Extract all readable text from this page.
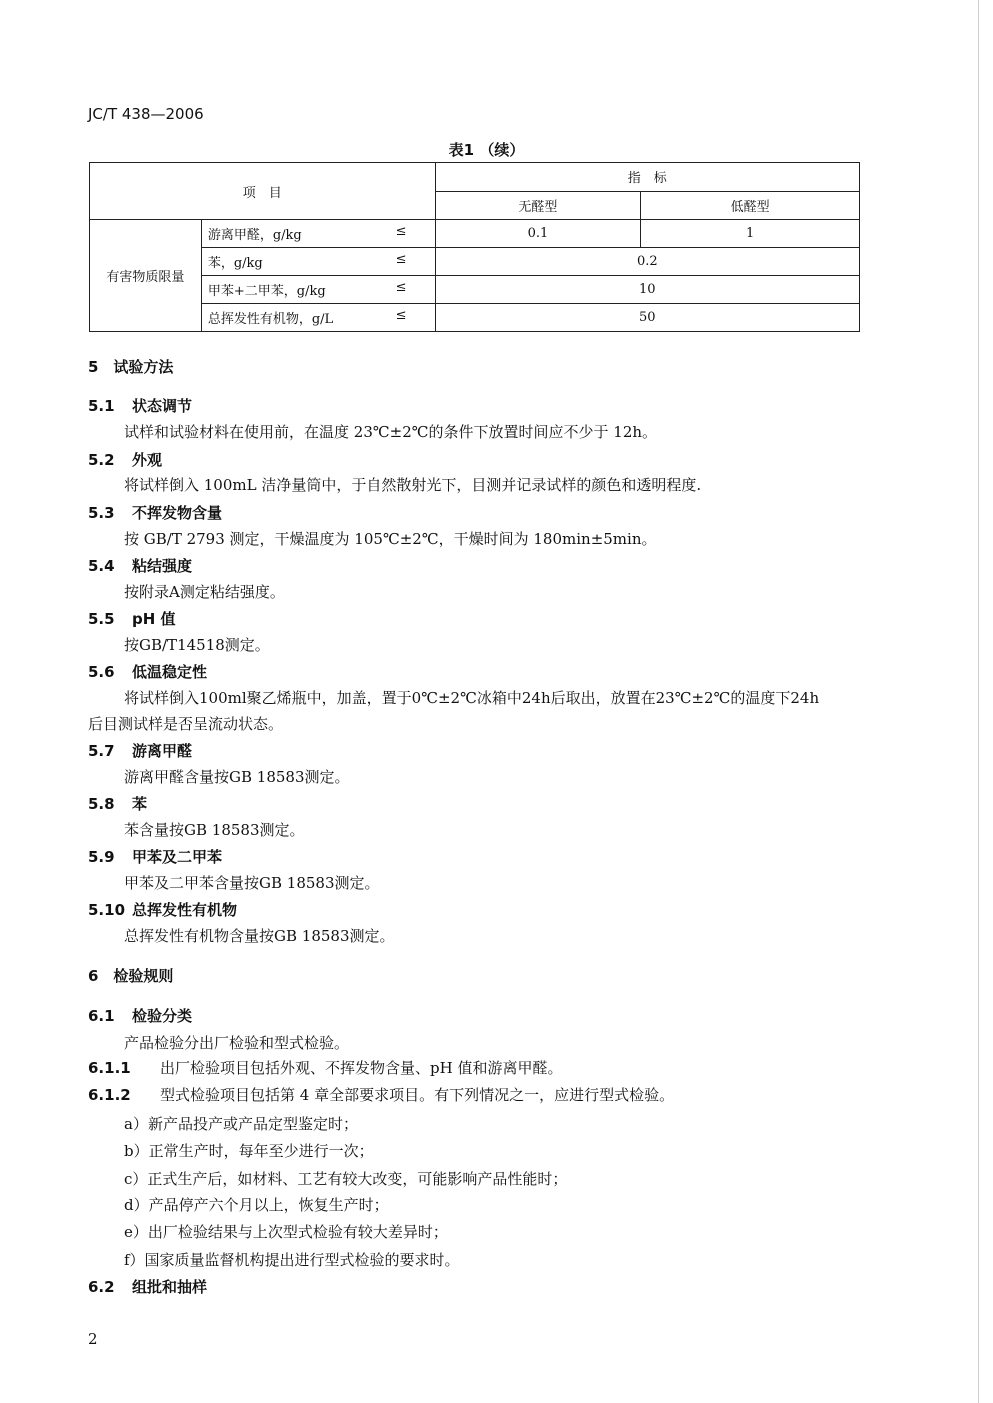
JC/T 438—2006
表1 （续）
项　目		指　标	
		无醛型	低醛型
有害物质限量	游离甲醛，g/kg ≤	0.1	1

	苯，g/kg ≤	0.2	

	甲苯+二甲苯，g/kg ≤	10	

	总挥发性有机物，g/L ≤	50	
5　试验方法
5.1 状态调节
试样和试验材料在使用前，在温度 23℃±2℃的条件下放置时间应不少于 12h。
5.2 外观
将试样倒入 100mL 洁净量筒中，于自然散射光下，目测并记录试样的颜色和透明程度.
5.3 不挥发物含量
按 GB/T 2793 测定，干燥温度为 105℃±2℃，干燥时间为 180min±5min。
5.4 粘结强度
按附录A测定粘结强度。
5.5 pH 值
按GB/T14518测定。
5.6 低温稳定性
将试样倒入100ml聚乙烯瓶中，加盖，置于0℃±2℃冰箱中24h后取出，放置在23℃±2℃的温度下24h
后目测试样是否呈流动状态。
5.7 游离甲醛
游离甲醛含量按GB 18583测定。
5.8 苯
苯含量按GB 18583测定。
5.9 甲苯及二甲苯
甲苯及二甲苯含量按GB 18583测定。
5.10 总挥发性有机物
总挥发性有机物含量按GB 18583测定。
6　检验规则
6.1 检验分类
产品检验分出厂检验和型式检验。
6.1.1 出厂检验项目包括外观、不挥发物含量、pH 值和游离甲醛。
6.1.2 型式检验项目包括第 4 章全部要求项目。有下列情况之一，应进行型式检验。
a）新产品投产或产品定型鉴定时；
b）正常生产时，每年至少进行一次；
c）正式生产后，如材料、工艺有较大改变，可能影响产品性能时；
d）产品停产六个月以上，恢复生产时；
e）出厂检验结果与上次型式检验有较大差异时；
f）国家质量监督机构提出进行型式检验的要求时。
6.2 组批和抽样
2
